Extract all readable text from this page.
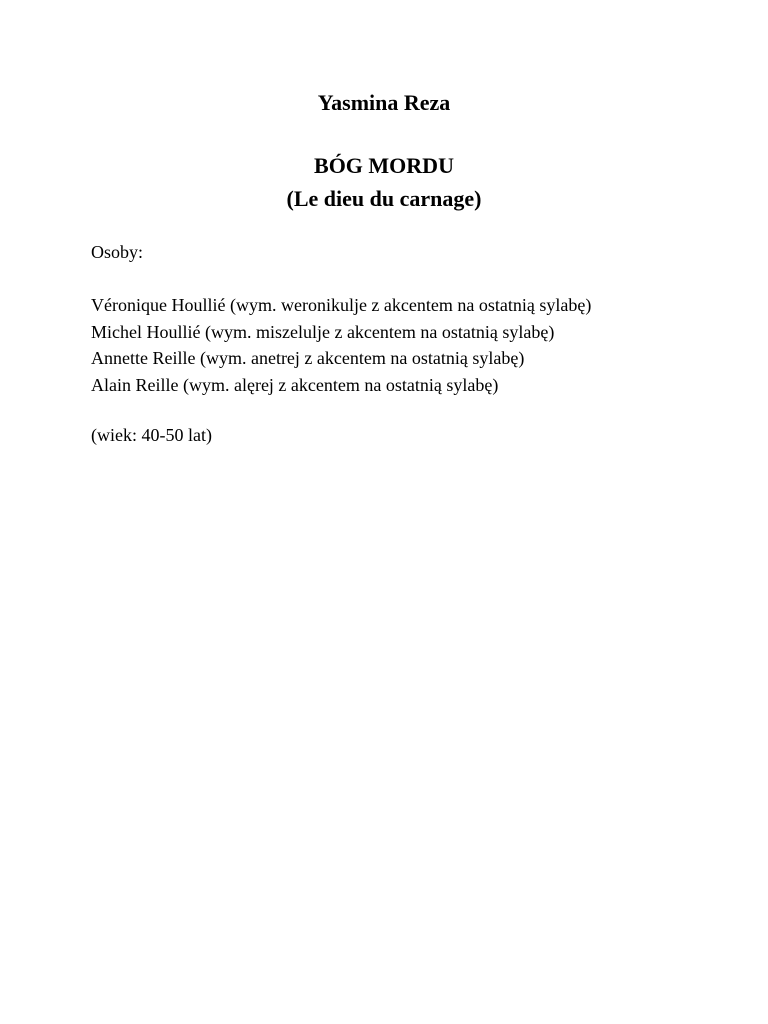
Yasmina Reza
BÓG MORDU
(Le dieu du carnage)
Osoby:
Véronique Houllié (wym. weronikulje z akcentem na ostatnią sylabę)
Michel Houllié (wym. miszelulje z akcentem na ostatnią sylabę)
Annette Reille (wym. anetrej z akcentem na ostatnią sylabę)
Alain Reille (wym. alęrej z akcentem na ostatnią sylabę)
(wiek: 40-50 lat)
